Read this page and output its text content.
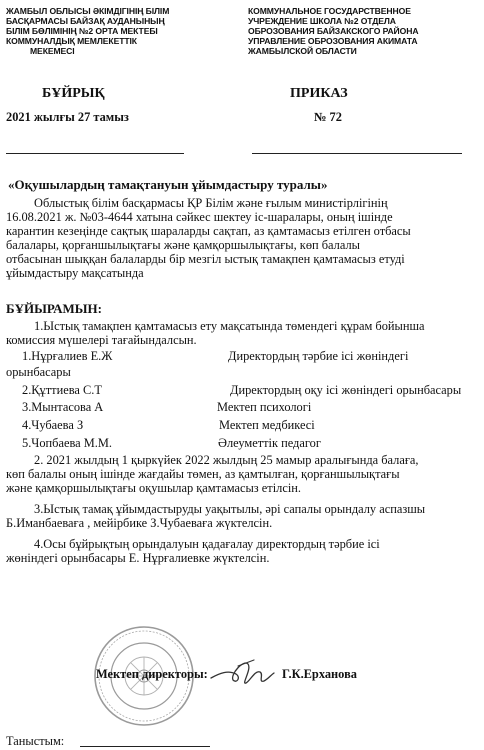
ЖАМБЫЛ ОБЛЫСЫ ӘКІМДІГІНІҢ БІЛІМ
БАСҚАРМАСЫ БАЙЗАҚ АУДАНЫНЫҢ
БІЛІМ БӨЛІМІНІҢ №2 ОРТА МЕКТЕБІ
КОММУНАЛДЫҚ МЕМЛЕКЕТТІК
МЕКЕМЕСІ
КОММУНАЛЬНОЕ ГОСУДАРСТВЕННОЕ
УЧРЕЖДЕНИЕ ШКОЛА №2 ОТДЕЛА
ОБРОЗОВАНИЯ БАЙЗАКСКОГО РАЙОНА
УПРАВЛЕНИЕ ОБРОЗОВАНИЯ АКИМАТА
ЖАМБЫЛСКОЙ ОБЛАСТИ
БҰЙРЫҚ	ПРИКАЗ
2021 жылғы 27 тамыз	№ 72
«Оқушылардың тамақтануын ұйымдастыру туралы»
Облыстық білім басқармасы ҚР Білім және ғылым министірлігінің
16.08.2021 ж. №03-4644 хатына сәйкес шектеу іс-шаралары, оның ішінде
карантин кезеңінде сақтық шараларды сақтап, аз қамтамасыз етілген отбасы
балалары, қорғаншылықтағы және қамқоршылықтағы, көп балалы
отбасынан шыққан балаларды бір мезгіл ыстық тамақпен қамтамасыз етуді
ұйымдастыру мақсатында
БҰЙЫРАМЫН:
1.Ыстық тамақпен қамтамасыз ету мақсатында төмендегі құрам бойынша
комиссия мүшелері тағайындалсын.
1.Нұрғалиев Е.Ж	Директордың тәрбие ісі жөніндегі
орынбасары
2.Құттиева С.Т	Директордың оқу ісі жөніндегі орынбасары
3.Мынтасова А	Мектеп психологі
4.Чубаева З	Мектеп медбикесі
5.Чопбаева М.М.	Әлеуметтік педагог
2. 2021 жылдың 1 қыркүйек 2022 жылдың 25 мамыр аралығында балаға,
көп балалы оның ішінде жағдайы төмен, аз қамтылған, қорғаншылықтағы
және қамқоршылықтағы оқушылар қамтамасыз етілсін.
3.Ыстық тамақ ұйымдастыруды уақытылы, әрі сапалы орындалу аспазшы
Б.Иманбаевағa , мейірбике З.Чубаеваға жүктелсін.
4.Осы бұйрықтың орындалуын қадағалау директордың тәрбие ісі
жөніндегі орынбасары Е. Нұрғалиевке жүктелсін.
Мектеп директоры:	Г.К.Ерханова
Таныстым:
